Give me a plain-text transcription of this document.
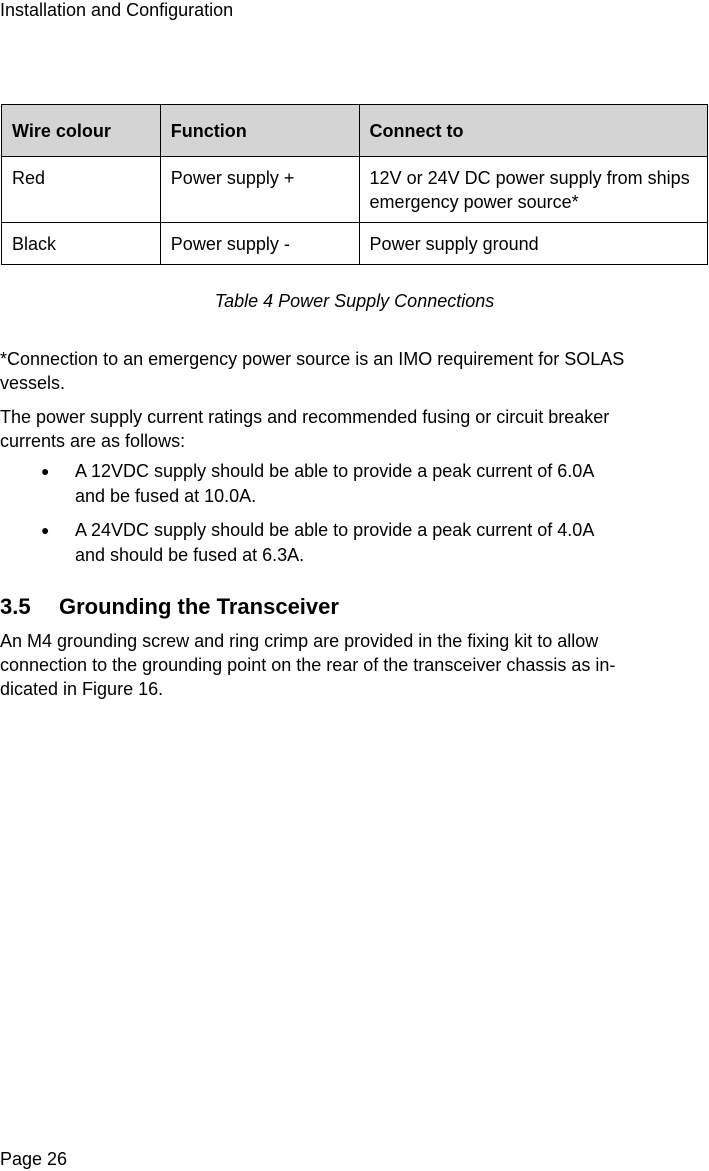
Installation and Configuration
Wire colour	Function	Connect to
Red	Power supply +	12V or 24V DC power supply from ships emergency power source*
Black	Power supply -	Power supply ground
Table 4 Power Supply Connections
*Connection to an emergency power source is an IMO requirement for SOLAS
vessels.
The power supply current ratings and recommended fusing or circuit breaker
currents are as follows:
● A 12VDC supply should be able to provide a peak current of 6.0A
and be fused at 10.0A.
● A 24VDC supply should be able to provide a peak current of 4.0A
and should be fused at 6.3A.
3.5 Grounding the Transceiver
An M4 grounding screw and ring crimp are provided in the fixing kit to allow
connection to the grounding point on the rear of the transceiver chassis as in-
dicated in Figure 16.
Page 26
